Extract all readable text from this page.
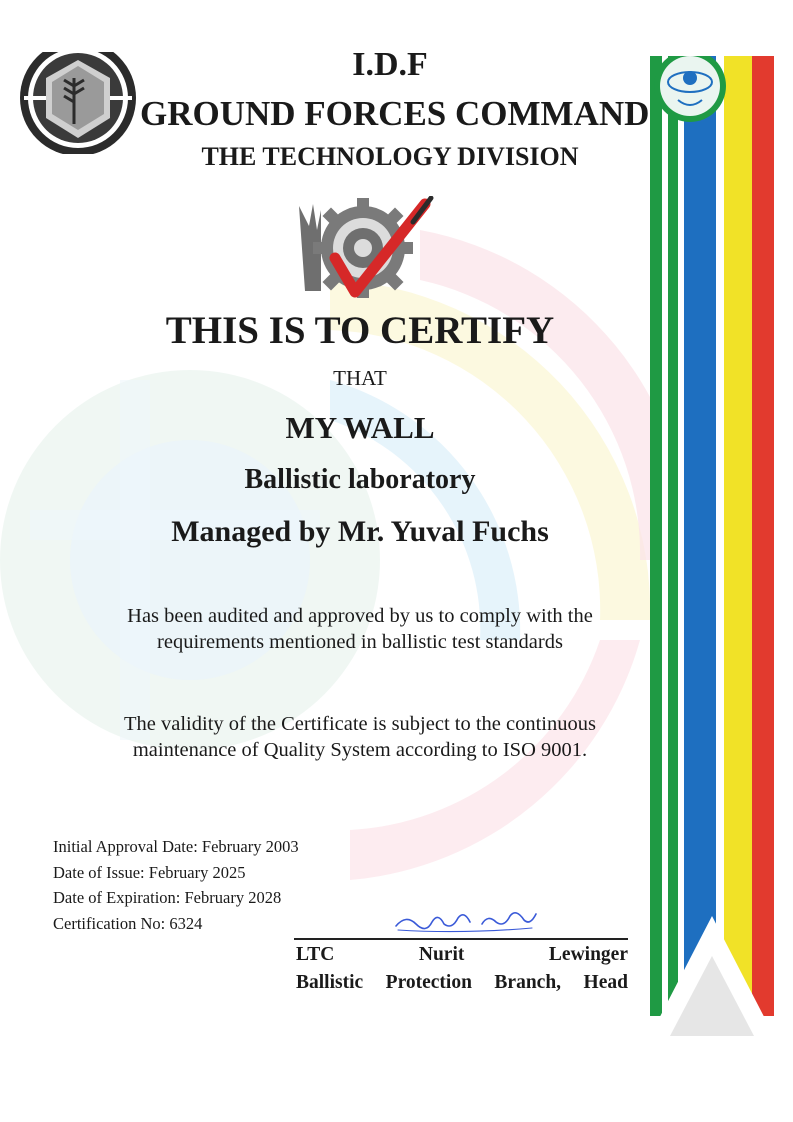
I.D.F
GROUND FORCES COMMAND
THE TECHNOLOGY DIVISION
THIS IS TO CERTIFY
THAT
MY WALL
Ballistic laboratory
Managed by Mr. Yuval Fuchs
Has been audited and approved by us to comply with the
requirements mentioned in ballistic test standards
The validity of the Certificate is subject to the continuous
maintenance of Quality System according to ISO 9001.
Initial Approval Date: February 2003
Date of Issue: February 2025
Date of Expiration: February 2028
Certification No: 6324
LTC	Nurit	Lewinger
Ballistic Protection Branch, Head
